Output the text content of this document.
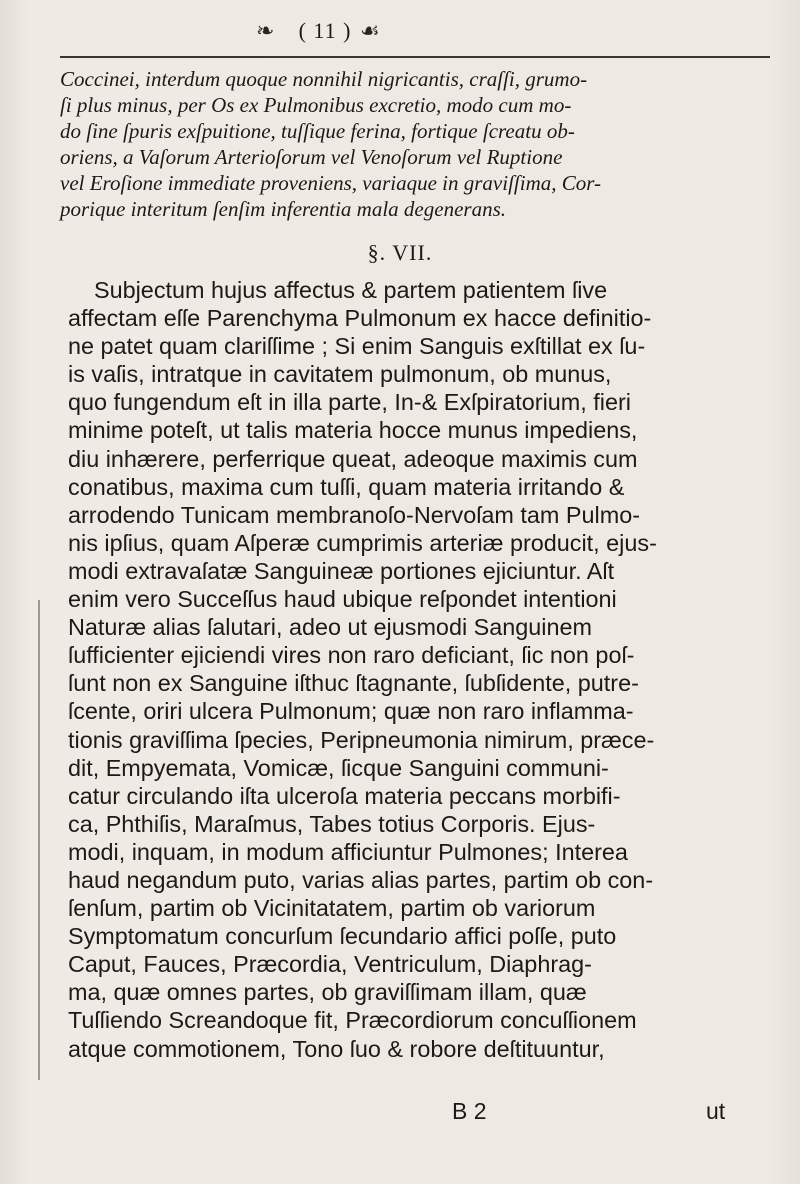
❧	( 11 ) ☙
Coccinei, interdum quoque nonnihil nigricantis, craſſi, grumo-
ſi plus minus, per Os ex Pulmonibus excretio, modo cum mo-
do ſine ſpuris exſpuitione, tuſſique ferina, fortique ſcreatu ob-
oriens, a Vaſorum Arterioſorum vel Venoſorum vel Ruptione
vel Eroſione immediate proveniens, variaque in graviſſima, Cor-
porique interitum ſenſim inferentia mala degenerans.
§. VII.
Subjectum hujus affectus & partem patientem ſive
affectam eſſe Parenchyma Pulmonum ex hacce definitio-
ne patet quam clariſſime ; Si enim Sanguis exſtillat ex ſu-
is vaſis, intratque in cavitatem pulmonum, ob munus,
quo fungendum eſt in illa parte, In-& Exſpiratorium, fieri
minime poteſt, ut talis materia hocce munus impediens,
diu inhærere, perferrique queat, adeoque maximis cum
conatibus, maxima cum tuſſi, quam materia irritando &
arrodendo Tunicam membranoſo-Nervoſam tam Pulmo-
nis ipſius, quam Aſperæ cumprimis arteriæ producit, ejus-
modi extravaſatæ Sanguineæ portiones ejiciuntur. Aſt
enim vero Succeſſus haud ubique reſpondet intentioni
Naturæ alias ſalutari, adeo ut ejusmodi Sanguinem
ſufficienter ejiciendi vires non raro deficiant, ſic non poſ-
ſunt non ex Sanguine iſthuc ſtagnante, ſubſidente, putre-
ſcente, oriri ulcera Pulmonum; quæ non raro inflamma-
tionis graviſſima ſpecies, Peripneumonia nimirum, præce-
dit, Empyemata, Vomicæ, ſicque Sanguini communi-
catur circulando iſta ulceroſa materia peccans morbifi-
ca, Phthiſis, Maraſmus, Tabes totius Corporis. Ejus-
modi, inquam, in modum afficiuntur Pulmones; Interea
haud negandum puto, varias alias partes, partim ob con-
ſenſum, partim ob Vicinitatatem, partim ob variorum
Symptomatum concurſum ſecundario affici poſſe, puto
Caput, Fauces, Præcordia, Ventriculum, Diaphrag-
ma, quæ omnes partes, ob graviſſimam illam, quæ
Tuſſiendo Screandoque fit, Præcordiorum concuſſionem
atque commotionem, Tono ſuo & robore deſtituuntur,
B 2	ut
